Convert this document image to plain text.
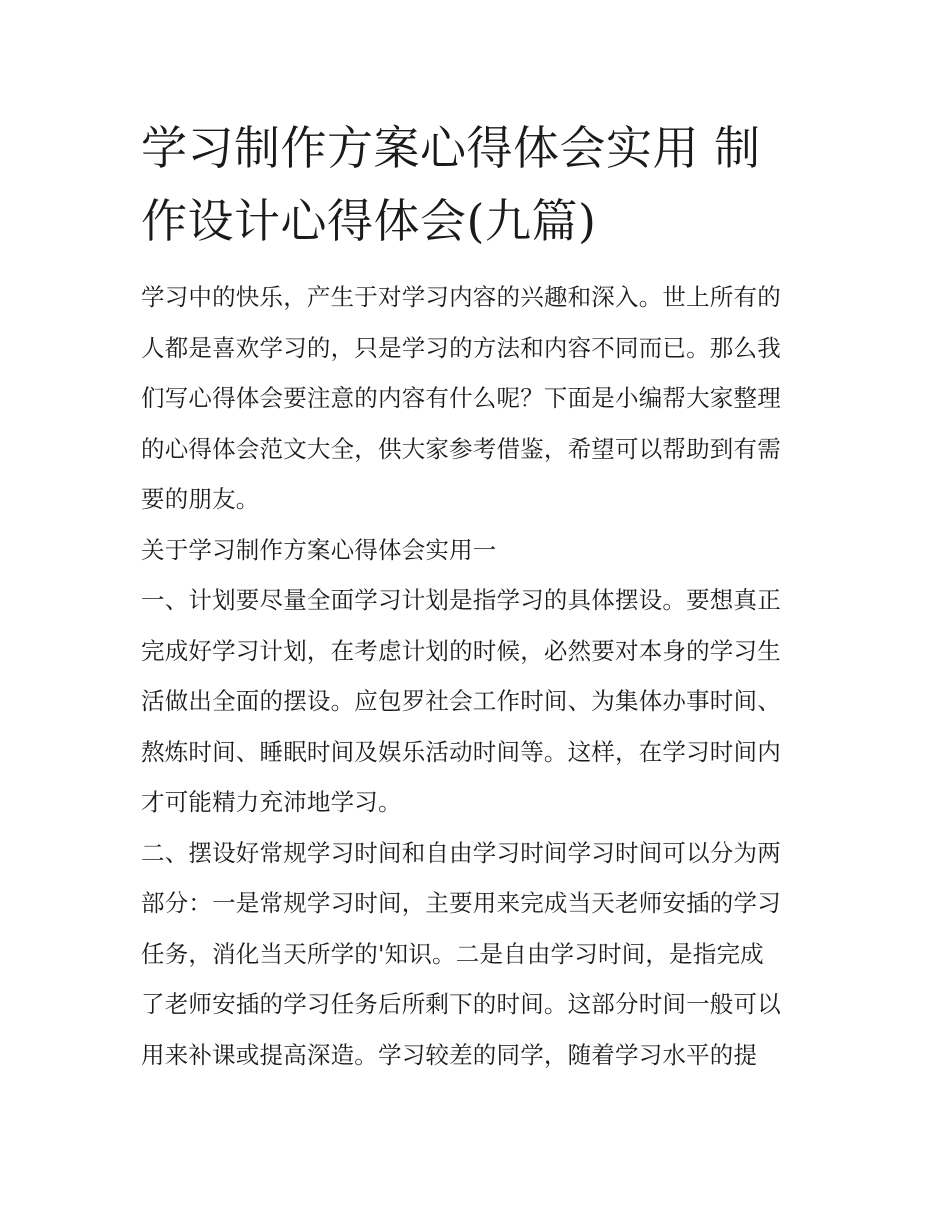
学习制作方案心得体会实用 制
作设计心得体会(九篇)
学习中的快乐，产生于对学习内容的兴趣和深入。世上所有的
人都是喜欢学习的，只是学习的方法和内容不同而已。那么我
们写心得体会要注意的内容有什么呢？下面是小编帮大家整理
的心得体会范文大全，供大家参考借鉴，希望可以帮助到有需
要的朋友。
关于学习制作方案心得体会实用一
一、计划要尽量全面学习计划是指学习的具体摆设。要想真正
完成好学习计划，在考虑计划的时候，必然要对本身的学习生
活做出全面的摆设。应包罗社会工作时间、为集体办事时间、
熬炼时间、睡眠时间及娱乐活动时间等。这样，在学习时间内
才可能精力充沛地学习。
二、摆设好常规学习时间和自由学习时间学习时间可以分为两
部分：一是常规学习时间，主要用来完成当天老师安插的学习
任务，消化当天所学的'知识。二是自由学习时间，是指完成
了老师安插的学习任务后所剩下的时间。这部分时间一般可以
用来补课或提高深造。学习较差的同学，随着学习水平的提
